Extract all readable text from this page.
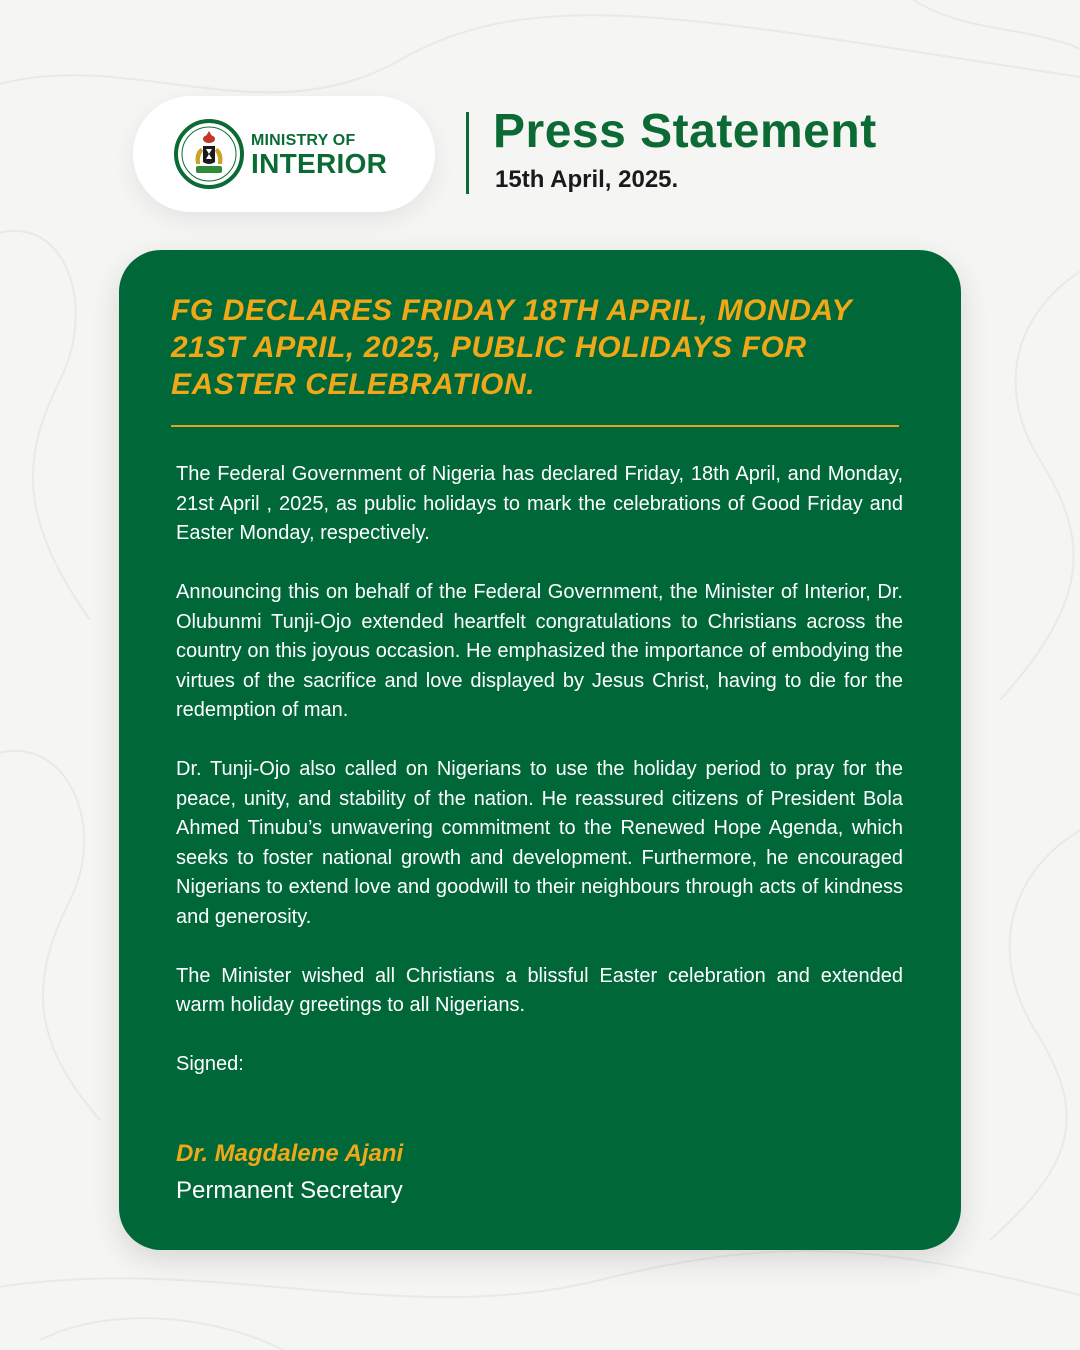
MINISTRY OF
INTERIOR
Press Statement
15th April, 2025.
FG DECLARES FRIDAY 18TH APRIL, MONDAY 21ST APRIL, 2025, PUBLIC HOLIDAYS FOR EASTER CELEBRATION.

The Federal Government of Nigeria has declared Friday, 18th April, and Monday, 21st April , 2025, as public holidays to mark the celebrations of Good Friday and Easter Monday, respectively.

Announcing this on behalf of the Federal Government, the Minister of Interior, Dr. Olubunmi Tunji-Ojo extended heartfelt congratulations to Christians across the country on this joyous occasion. He emphasized the importance of embodying the virtues of the sacrifice and love displayed by Jesus Christ, having to die for the redemption of man.

Dr. Tunji-Ojo also called on Nigerians to use the holiday period to pray for the peace, unity, and stability of the nation. He reassured citizens of President Bola Ahmed Tinubu’s unwavering commitment to the Renewed Hope Agenda, which seeks to foster national growth and development. Furthermore, he encouraged Nigerians to extend love and goodwill to their neighbours through acts of kindness and generosity.

The Minister wished all Christians a blissful Easter celebration and extended warm holiday greetings to all Nigerians.

Signed:

Dr. Magdalene Ajani
Permanent Secretary
